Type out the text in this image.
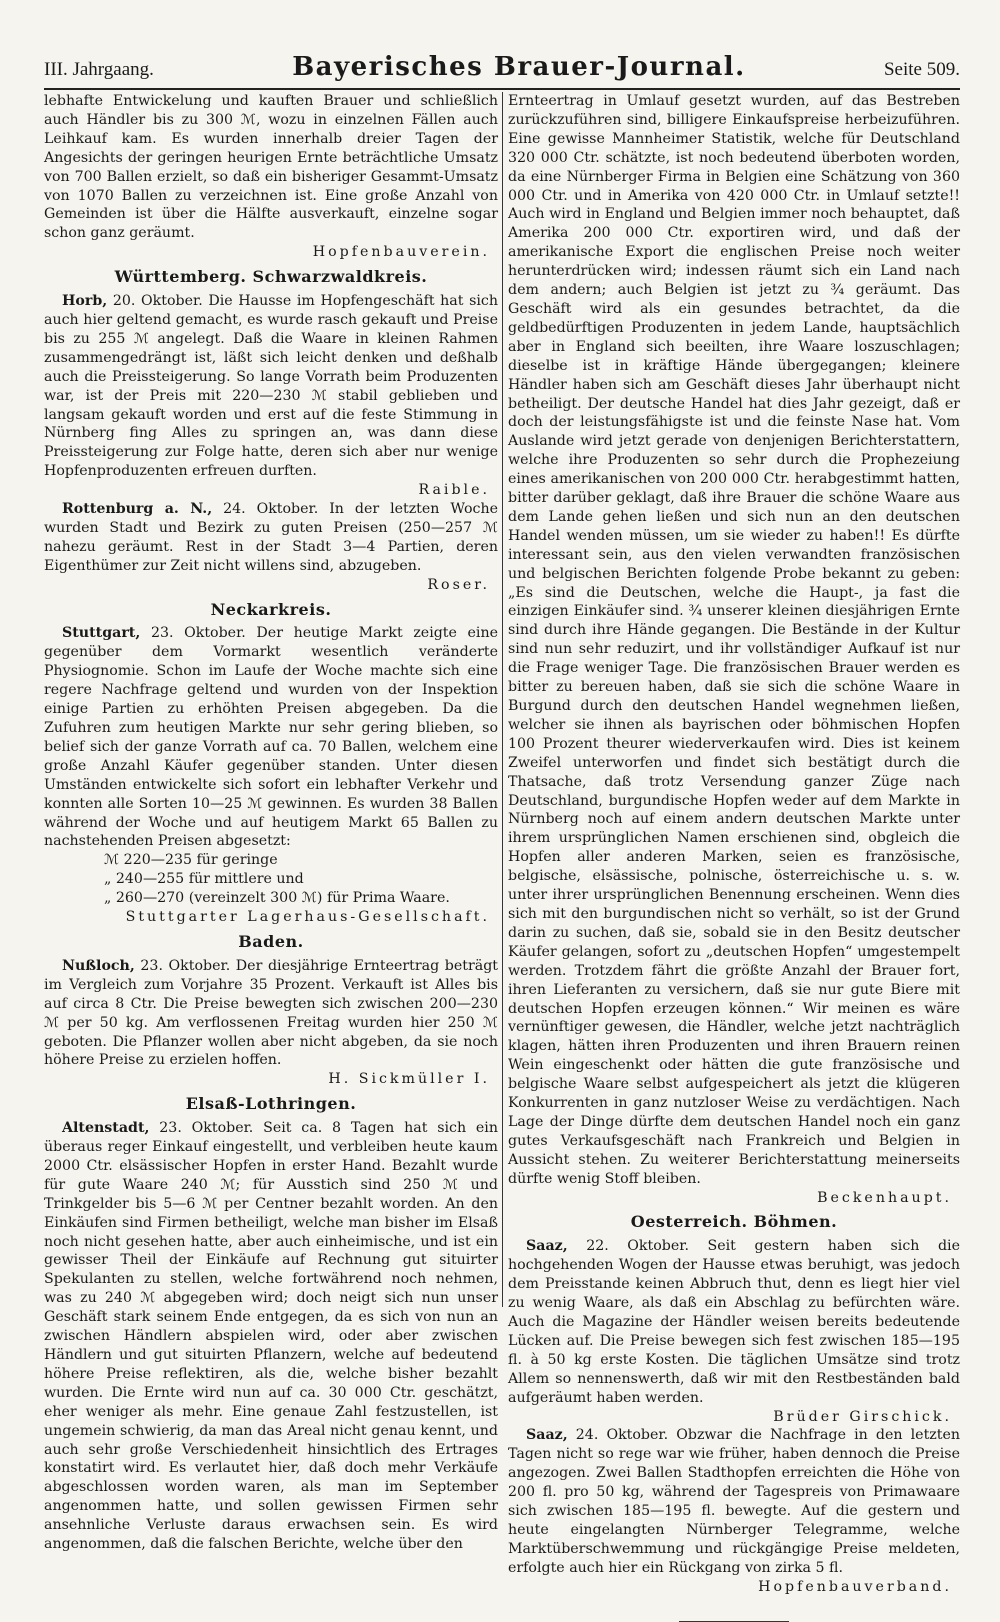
III. Jahrgaang.	Bayerisches Brauer-Journal.	Seite 509.

lebhafte Entwickelung und kauften Brauer und schließlich auch Händler bis zu 300 ℳ, wozu in einzelnen Fällen auch Leihkauf kam. Es wurden innerhalb dreier Tagen der Angesichts der geringen heurigen Ernte beträchtliche Umsatz von 700 Ballen erzielt, so daß ein bisheriger Gesammt-Umsatz von 1070 Ballen zu verzeichnen ist. Eine große Anzahl von Gemeinden ist über die Hälfte ausverkauft, einzelne sogar schon ganz geräumt.

Hopfenbauverein.
Württemberg. Schwarzwaldkreis.

Horb, 20. Oktober. Die Hausse im Hopfengeschäft hat sich auch hier geltend gemacht, es wurde rasch gekauft und Preise bis zu 255 ℳ angelegt. Daß die Waare in kleinen Rahmen zusammengedrängt ist, läßt sich leicht denken und deßhalb auch die Preissteigerung. So lange Vorrath beim Produzenten war, ist der Preis mit 220—230 ℳ stabil geblieben und langsam gekauft worden und erst auf die feste Stimmung in Nürnberg fing Alles zu springen an, was dann diese Preissteigerung zur Folge hatte, deren sich aber nur wenige Hopfenproduzenten erfreuen durften.

Raible.

Rottenburg a. N., 24. Oktober. In der letzten Woche wurden Stadt und Bezirk zu guten Preisen (250—257 ℳ nahezu geräumt. Rest in der Stadt 3—4 Partien, deren Eigenthümer zur Zeit nicht willens sind, abzugeben.

Roser.
Neckarkreis.

Stuttgart, 23. Oktober. Der heutige Markt zeigte eine gegenüber dem Vormarkt wesentlich veränderte Physiognomie. Schon im Laufe der Woche machte sich eine regere Nachfrage geltend und wurden von der Inspektion einige Partien zu erhöhten Preisen abgegeben. Da die Zufuhren zum heutigen Markte nur sehr gering blieben, so belief sich der ganze Vorrath auf ca. 70 Ballen, welchem eine große Anzahl Käufer gegenüber standen. Unter diesen Umständen entwickelte sich sofort ein lebhafter Verkehr und konnten alle Sorten 10—25 ℳ gewinnen. Es wurden 38 Ballen während der Woche und auf heutigem Markt 65 Ballen zu nachstehenden Preisen abgesetzt:

ℳ 220—235 für geringe
„ 240—255 für mittlere und
„ 260—270 (vereinzelt 300 ℳ) für Prima Waare.
Stuttgarter Lagerhaus-Gesellschaft.
Baden.

Nußloch, 23. Oktober. Der diesjährige Ernteertrag beträgt im Vergleich zum Vorjahre 35 Prozent. Verkauft ist Alles bis auf circa 8 Ctr. Die Preise bewegten sich zwischen 200—230 ℳ per 50 kg. Am verflossenen Freitag wurden hier 250 ℳ geboten. Die Pflanzer wollen aber nicht abgeben, da sie noch höhere Preise zu erzielen hoffen.

H. Sickmüller I.
Elsaß-Lothringen.

Altenstadt, 23. Oktober. Seit ca. 8 Tagen hat sich ein überaus reger Einkauf eingestellt, und verbleiben heute kaum 2000 Ctr. elsässischer Hopfen in erster Hand. Bezahlt wurde für gute Waare 240 ℳ; für Ausstich sind 250 ℳ und Trinkgelder bis 5—6 ℳ per Centner bezahlt worden. An den Einkäufen sind Firmen betheiligt, welche man bisher im Elsaß noch nicht gesehen hatte, aber auch einheimische, und ist ein gewisser Theil der Einkäufe auf Rechnung gut situirter Spekulanten zu stellen, welche fortwährend noch nehmen, was zu 240 ℳ abgegeben wird; doch neigt sich nun unser Geschäft stark seinem Ende entgegen, da es sich von nun an zwischen Händlern abspielen wird, oder aber zwischen Händlern und gut situirten Pflanzern, welche auf bedeutend höhere Preise reflektiren, als die, welche bisher bezahlt wurden. Die Ernte wird nun auf ca. 30 000 Ctr. geschätzt, eher weniger als mehr. Eine genaue Zahl festzustellen, ist ungemein schwierig, da man das Areal nicht genau kennt, und auch sehr große Verschiedenheit hinsichtlich des Ertrages konstatirt wird. Es verlautet hier, daß doch mehr Verkäufe abgeschlossen worden waren, als man im September angenommen hatte, und sollen gewissen Firmen sehr ansehnliche Verluste daraus erwachsen sein. Es wird angenommen, daß die falschen Berichte, welche über den

Ernteertrag in Umlauf gesetzt wurden, auf das Bestreben zurückzuführen sind, billigere Einkaufspreise herbeizuführen. Eine gewisse Mannheimer Statistik, welche für Deutschland 320 000 Ctr. schätzte, ist noch bedeutend überboten worden, da eine Nürnberger Firma in Belgien eine Schätzung von 360 000 Ctr. und in Amerika von 420 000 Ctr. in Umlauf setzte!! Auch wird in England und Belgien immer noch behauptet, daß Amerika 200 000 Ctr. exportiren wird, und daß der amerikanische Export die englischen Preise noch weiter herunterdrücken wird; indessen räumt sich ein Land nach dem andern; auch Belgien ist jetzt zu ¾ geräumt. Das Geschäft wird als ein gesundes betrachtet, da die geldbedürftigen Produzenten in jedem Lande, hauptsächlich aber in England sich beeilten, ihre Waare loszuschlagen; dieselbe ist in kräftige Hände übergegangen; kleinere Händler haben sich am Geschäft dieses Jahr überhaupt nicht betheiligt. Der deutsche Handel hat dies Jahr gezeigt, daß er doch der leistungsfähigste ist und die feinste Nase hat. Vom Auslande wird jetzt gerade von denjenigen Berichterstattern, welche ihre Produzenten so sehr durch die Prophezeiung eines amerikanischen von 200 000 Ctr. herabgestimmt hatten, bitter darüber geklagt, daß ihre Brauer die schöne Waare aus dem Lande gehen ließen und sich nun an den deutschen Handel wenden müssen, um sie wieder zu haben!! Es dürfte interessant sein, aus den vielen verwandten französischen und belgischen Berichten folgende Probe bekannt zu geben: „Es sind die Deutschen, welche die Haupt-, ja fast die einzigen Einkäufer sind. ¾ unserer kleinen diesjährigen Ernte sind durch ihre Hände gegangen. Die Bestände in der Kultur sind nun sehr reduzirt, und ihr vollständiger Aufkauf ist nur die Frage weniger Tage. Die französischen Brauer werden es bitter zu bereuen haben, daß sie sich die schöne Waare in Burgund durch den deutschen Handel wegnehmen ließen, welcher sie ihnen als bayrischen oder böhmischen Hopfen 100 Prozent theurer wiederverkaufen wird. Dies ist keinem Zweifel unterworfen und findet sich bestätigt durch die Thatsache, daß trotz Versendung ganzer Züge nach Deutschland, burgundische Hopfen weder auf dem Markte in Nürnberg noch auf einem andern deutschen Markte unter ihrem ursprünglichen Namen erschienen sind, obgleich die Hopfen aller anderen Marken, seien es französische, belgische, elsässische, polnische, österreichische u. s. w. unter ihrer ursprünglichen Benennung erscheinen. Wenn dies sich mit den burgundischen nicht so verhält, so ist der Grund darin zu suchen, daß sie, sobald sie in den Besitz deutscher Käufer gelangen, sofort zu „deutschen Hopfen“ umgestempelt werden. Trotzdem fährt die größte Anzahl der Brauer fort, ihren Lieferanten zu versichern, daß sie nur gute Biere mit deutschen Hopfen erzeugen können.“ Wir meinen es wäre vernünftiger gewesen, die Händler, welche jetzt nachträglich klagen, hätten ihren Produzenten und ihren Brauern reinen Wein eingeschenkt oder hätten die gute französische und belgische Waare selbst aufgespeichert als jetzt die klügeren Konkurrenten in ganz nutzloser Weise zu verdächtigen. Nach Lage der Dinge dürfte dem deutschen Handel noch ein ganz gutes Verkaufsgeschäft nach Frankreich und Belgien in Aussicht stehen. Zu weiterer Berichterstattung meinerseits dürfte wenig Stoff bleiben.

Beckenhaupt.
Oesterreich. Böhmen.

Saaz, 22. Oktober. Seit gestern haben sich die hochgehenden Wogen der Hausse etwas beruhigt, was jedoch dem Preisstande keinen Abbruch thut, denn es liegt hier viel zu wenig Waare, als daß ein Abschlag zu befürchten wäre. Auch die Magazine der Händler weisen bereits bedeutende Lücken auf. Die Preise bewegen sich fest zwischen 185—195 fl. à 50 kg erste Kosten. Die täglichen Umsätze sind trotz Allem so nennenswerth, daß wir mit den Restbeständen bald aufgeräumt haben werden.

Brüder Girschick.

Saaz, 24. Oktober. Obzwar die Nachfrage in den letzten Tagen nicht so rege war wie früher, haben dennoch die Preise angezogen. Zwei Ballen Stadthopfen erreichten die Höhe von 200 fl. pro 50 kg, während der Tagespreis von Primawaare sich zwischen 185—195 fl. bewegte. Auf die gestern und heute eingelangten Nürnberger Telegramme, welche Marktüberschwemmung und rückgängige Preise meldeten, erfolgte auch hier ein Rückgang von zirka 5 fl.

Hopfenbauverband.
